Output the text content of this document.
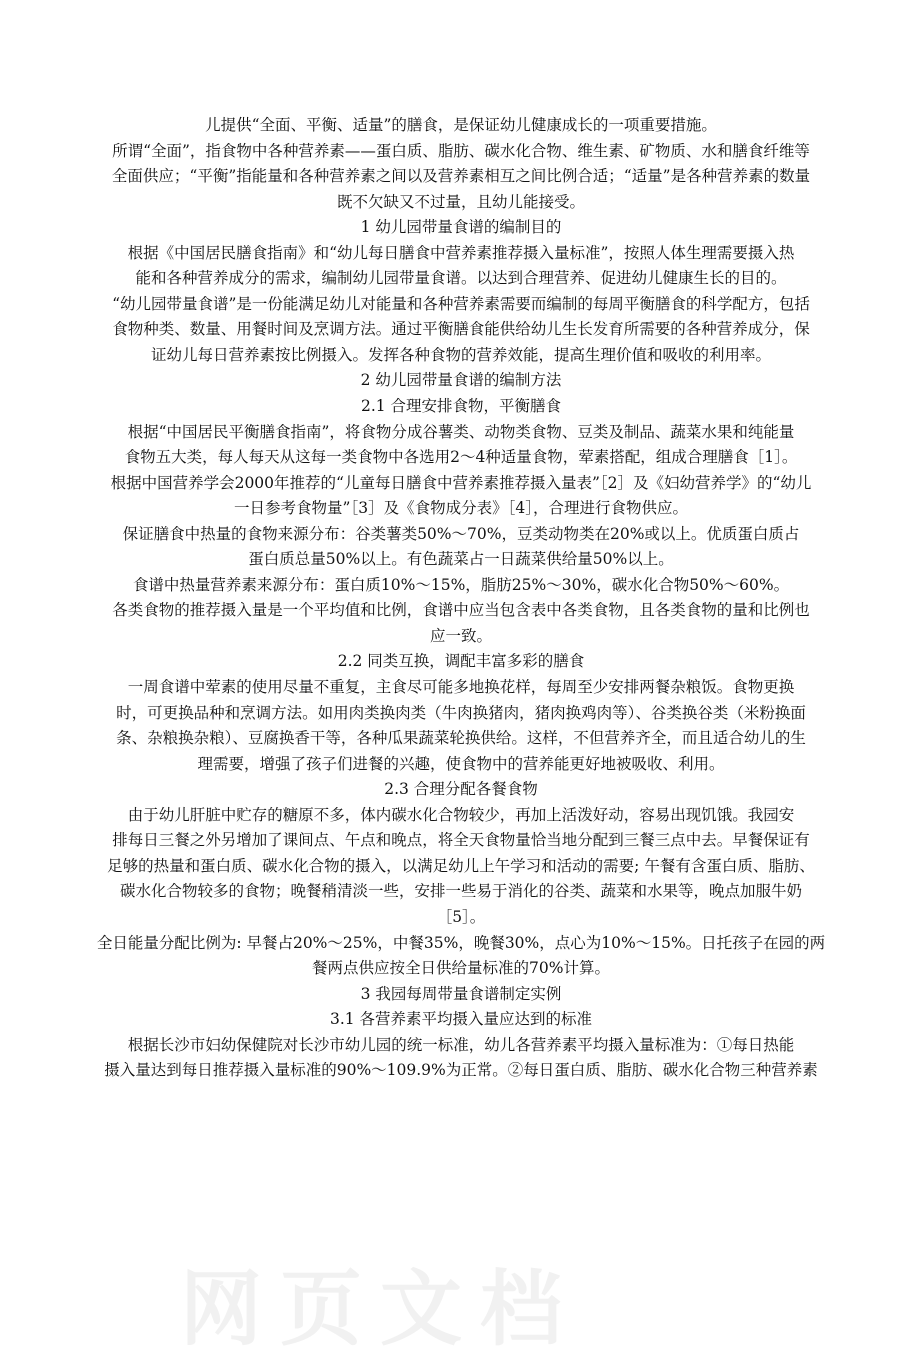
儿提供“全面、平衡、适量”的膳食，是保证幼儿健康成长的一项重要措施。
所谓“全面”，指食物中各种营养素——蛋白质、脂肪、碳水化合物、维生素、矿物质、水和膳食纤维等
全面供应；“平衡”指能量和各种营养素之间以及营养素相互之间比例合适；“适量”是各种营养素的数量
既不欠缺又不过量，且幼儿能接受。
1 幼儿园带量食谱的编制目的
根据《中国居民膳食指南》和“幼儿每日膳食中营养素推荐摄入量标准”，按照人体生理需要摄入热
能和各种营养成分的需求，编制幼儿园带量食谱。以达到合理营养、促进幼儿健康生长的目的。
“幼儿园带量食谱”是一份能满足幼儿对能量和各种营养素需要而编制的每周平衡膳食的科学配方，包括
食物种类、数量、用餐时间及烹调方法。通过平衡膳食能供给幼儿生长发育所需要的各种营养成分，保
证幼儿每日营养素按比例摄入。发挥各种食物的营养效能，提高生理价值和吸收的利用率。
2 幼儿园带量食谱的编制方法
2.1 合理安排食物，平衡膳食
根据“中国居民平衡膳食指南”，将食物分成谷薯类、动物类食物、豆类及制品、蔬菜水果和纯能量
食物五大类，每人每天从这每一类食物中各选用2～4种适量食物，荤素搭配，组成合理膳食［1］。
根据中国营养学会2000年推荐的“儿童每日膳食中营养素推荐摄入量表”［2］及《妇幼营养学》的“幼儿
一日参考食物量”［3］及《食物成分表》［4］，合理进行食物供应。
保证膳食中热量的食物来源分布：谷类薯类50%～70%，豆类动物类在20%或以上。优质蛋白质占
蛋白质总量50%以上。有色蔬菜占一日蔬菜供给量50%以上。
食谱中热量营养素来源分布：蛋白质10%～15%，脂肪25%～30%，碳水化合物50%～60%。
各类食物的推荐摄入量是一个平均值和比例，食谱中应当包含表中各类食物，且各类食物的量和比例也
应一致。
2.2 同类互换，调配丰富多彩的膳食
一周食谱中荤素的使用尽量不重复，主食尽可能多地换花样，每周至少安排两餐杂粮饭。食物更换
时，可更换品种和烹调方法。如用肉类换肉类（牛肉换猪肉，猪肉换鸡肉等）、谷类换谷类（米粉换面
条、杂粮换杂粮）、豆腐换香干等，各种瓜果蔬菜轮换供给。这样，不但营养齐全，而且适合幼儿的生
理需要，增强了孩子们进餐的兴趣，使食物中的营养能更好地被吸收、利用。
2.3 合理分配各餐食物
由于幼儿肝脏中贮存的糖原不多，体内碳水化合物较少，再加上活泼好动，容易出现饥饿。我园安
排每日三餐之外另增加了课间点、午点和晚点，将全天食物量恰当地分配到三餐三点中去。早餐保证有
足够的热量和蛋白质、碳水化合物的摄入，以满足幼儿上午学习和活动的需要; 午餐有含蛋白质、脂肪、
碳水化合物较多的食物；晚餐稍清淡一些，安排一些易于消化的谷类、蔬菜和水果等，晚点加服牛奶
［5］。
全日能量分配比例为: 早餐占20%～25%，中餐35%，晚餐30%，点心为10%～15%。日托孩子在园的两
餐两点供应按全日供给量标准的70%计算。
3 我园每周带量食谱制定实例
3.1 各营养素平均摄入量应达到的标准
根据长沙市妇幼保健院对长沙市幼儿园的统一标准，幼儿各营养素平均摄入量标准为：①每日热能
摄入量达到每日推荐摄入量标准的90%～109.9%为正常。②每日蛋白质、脂肪、碳水化合物三种营养素
网页文档
